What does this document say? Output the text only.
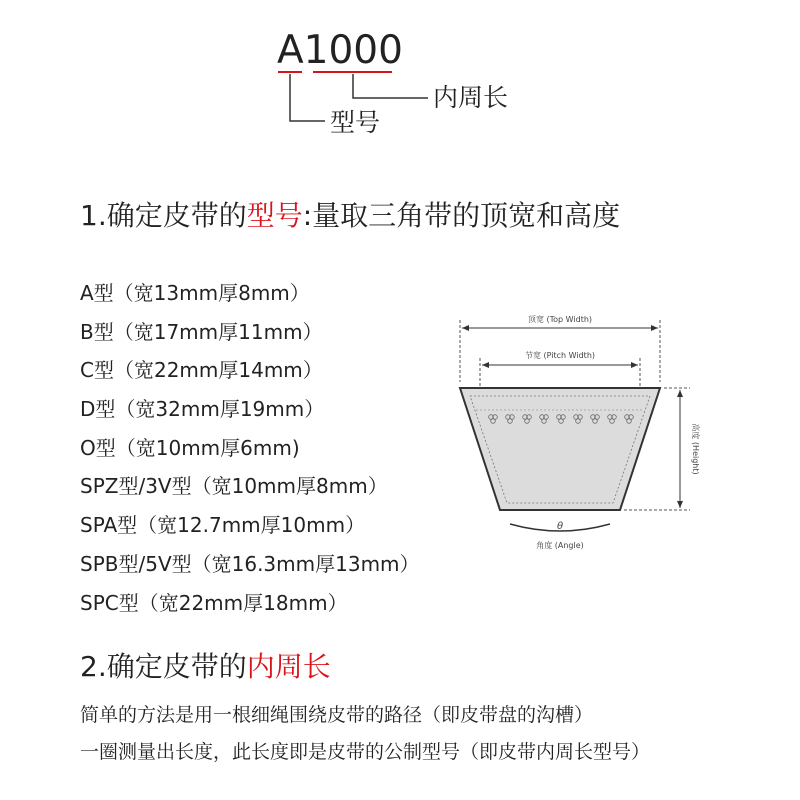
A1000
内周长
型号
1.确定皮带的型号:量取三角带的顶宽和高度
A型（宽13mm厚8mm）
B型（宽17mm厚11mm）
C型（宽22mm厚14mm）
D型（宽32mm厚19mm）
O型（宽10mm厚6mm)
SPZ型/3V型（宽10mm厚8mm）
SPA型（宽12.7mm厚10mm）
SPB型/5V型（宽16.3mm厚13mm）
SPC型（宽22mm厚18mm）
顶宽 (Top Width)
节宽 (Pitch Width)
高度 (Height)
θ
角度 (Angle)
2.确定皮带的内周长
简单的方法是用一根细绳围绕皮带的路径（即皮带盘的沟槽）
一圈测量出长度，此长度即是皮带的公制型号（即皮带内周长型号）
